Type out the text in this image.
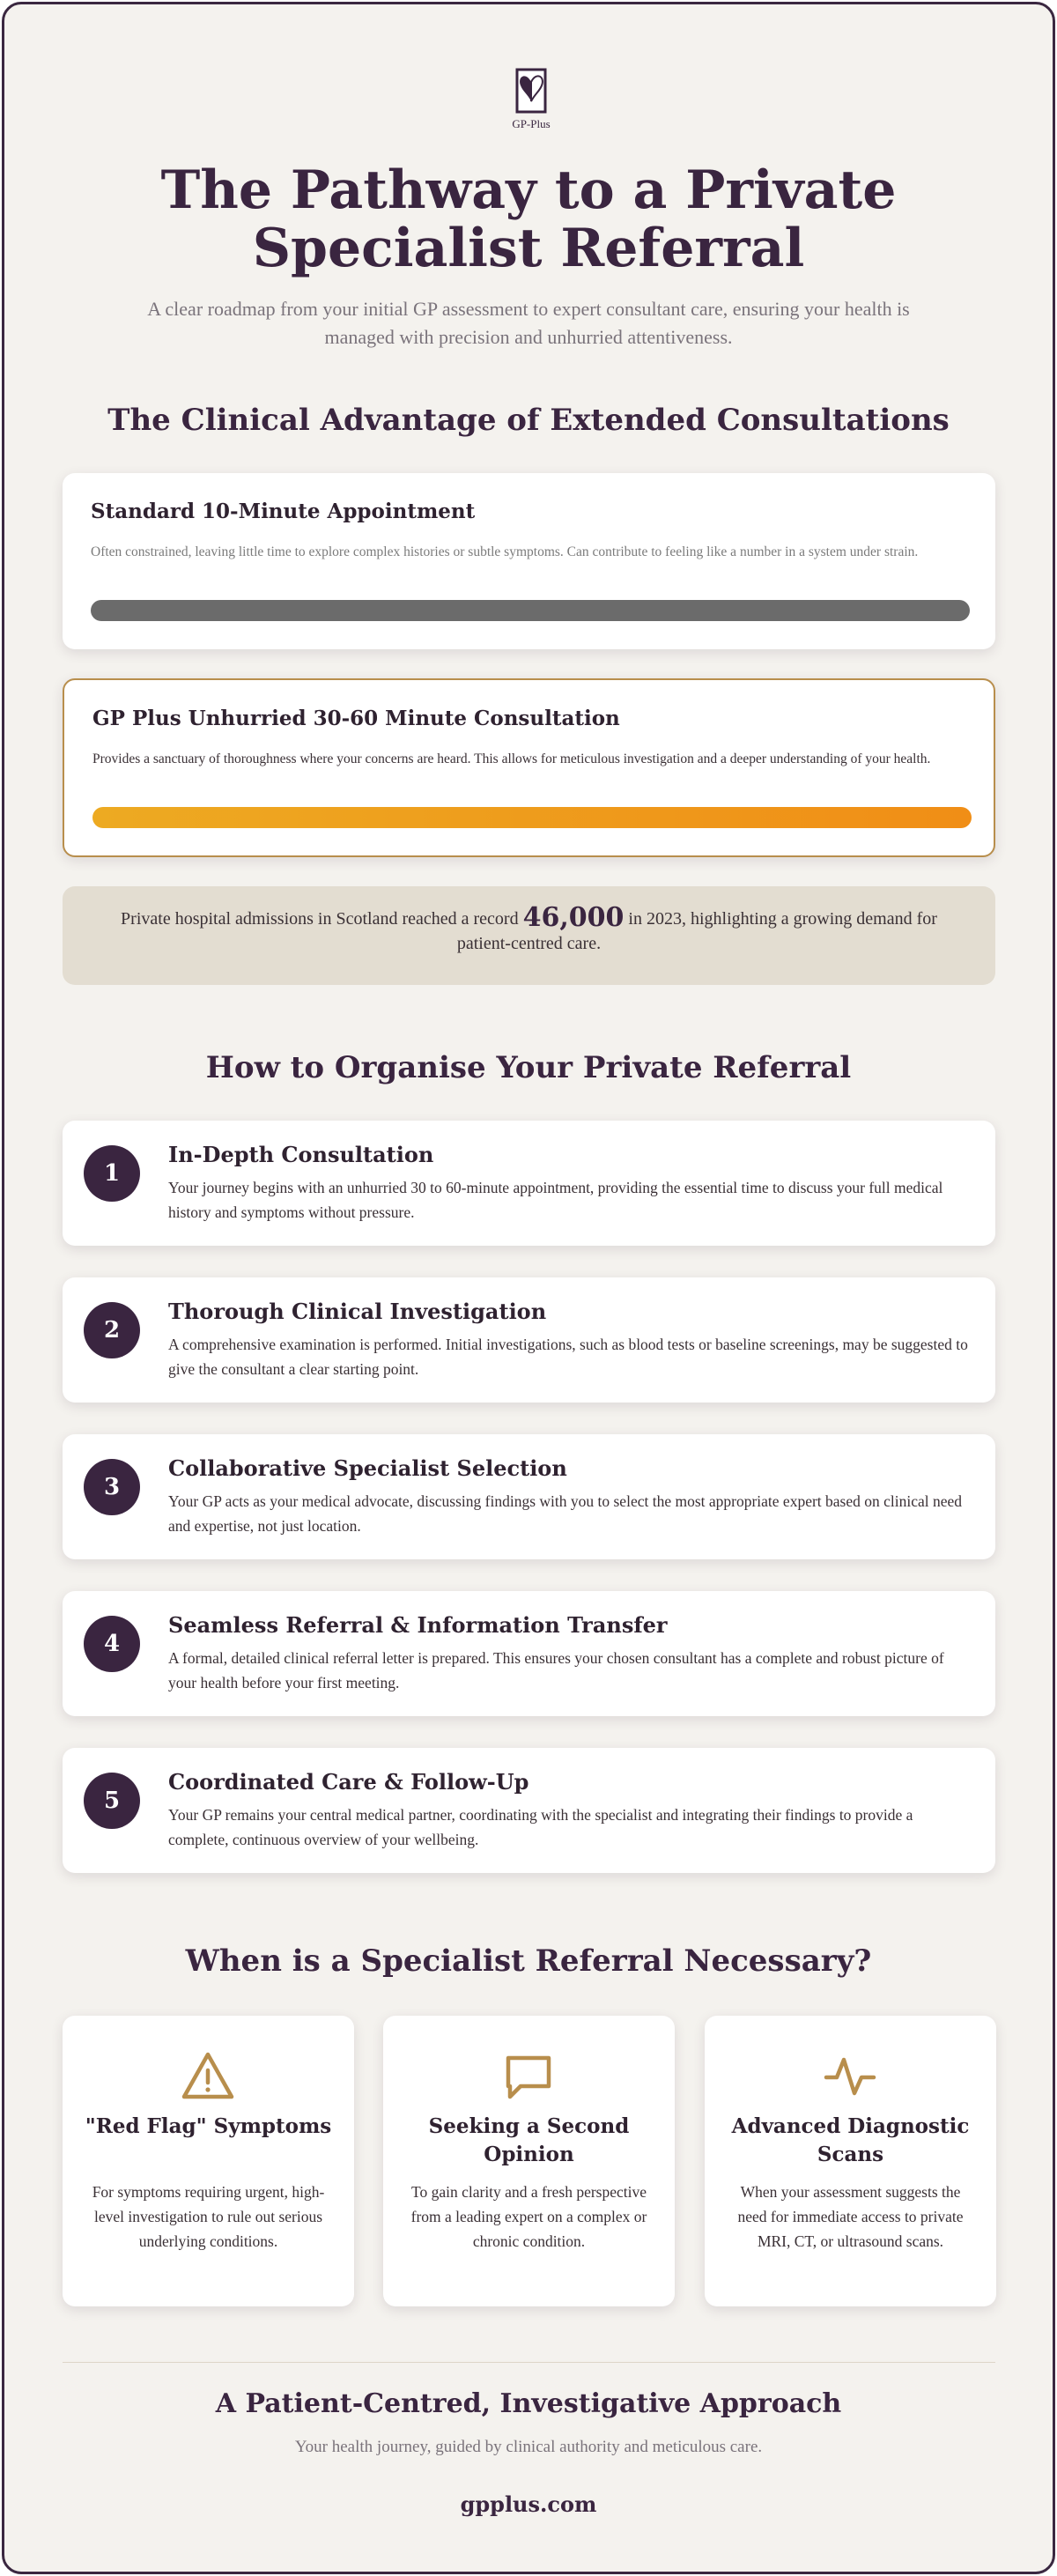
GP-Plus
The Pathway to a Private Specialist Referral

A clear roadmap from your initial GP assessment to expert consultant care, ensuring your health is managed with precision and unhurried attentiveness.

The Clinical Advantage of Extended Consultations
Standard 10-Minute Appointment
Often constrained, leaving little time to explore complex histories or subtle symptoms. Can contribute to feeling like a number in a system under strain.
GP Plus Unhurried 30-60 Minute Consultation
Provides a sanctuary of thoroughness where your concerns are heard. This allows for meticulous investigation and a deeper understanding of your health.
Private hospital admissions in Scotland reached a record 46,000 in 2023, highlighting a growing demand for patient-centred care.
How to Organise Your Private Referral
1
In-Depth Consultation
Your journey begins with an unhurried 30 to 60-minute appointment, providing the essential time to discuss your full medical history and symptoms without pressure.
2
Thorough Clinical Investigation
A comprehensive examination is performed. Initial investigations, such as blood tests or baseline screenings, may be suggested to give the consultant a clear starting point.
3
Collaborative Specialist Selection
Your GP acts as your medical advocate, discussing findings with you to select the most appropriate expert based on clinical need and expertise, not just location.
4
Seamless Referral & Information Transfer
A formal, detailed clinical referral letter is prepared. This ensures your chosen consultant has a complete and robust picture of your health before your first meeting.
5
Coordinated Care & Follow-Up
Your GP remains your central medical partner, coordinating with the specialist and integrating their findings to provide a complete, continuous overview of your wellbeing.
When is a Specialist Referral Necessary?
"Red Flag" Symptoms
For symptoms requiring urgent, high-level investigation to rule out serious underlying conditions.
Seeking a Second Opinion
To gain clarity and a fresh perspective from a leading expert on a complex or chronic condition.
Advanced Diagnostic Scans
When your assessment suggests the need for immediate access to private MRI, CT, or ultrasound scans.
A Patient-Centred, Investigative Approach
Your health journey, guided by clinical authority and meticulous care.
gpplus.com
